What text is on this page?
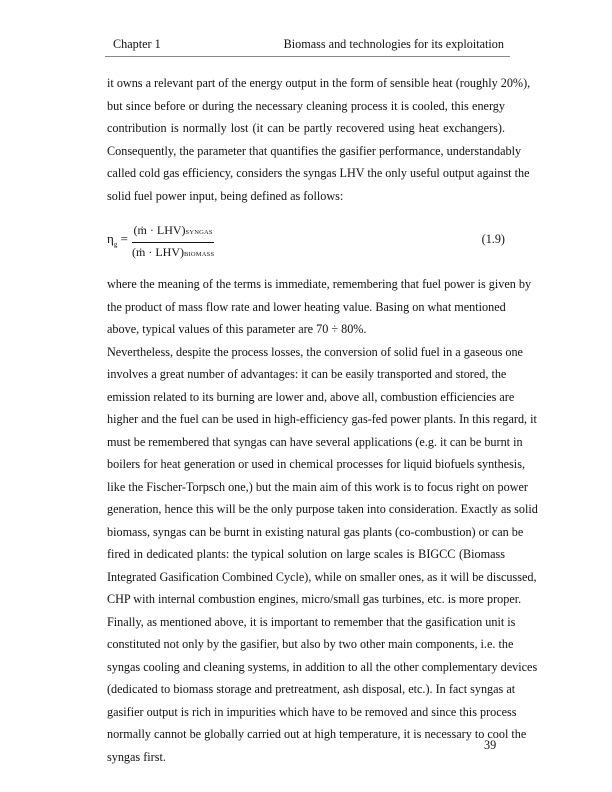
Chapter 1	Biomass and technologies for its exploitation
it owns a relevant part of the energy output in the form of sensible heat (roughly 20%),
but since before or during the necessary cleaning process it is cooled, this energy
contribution is normally lost (it can be partly recovered using heat exchangers).
Consequently, the parameter that quantifies the gasifier performance, understandably
called cold gas efficiency, considers the syngas LHV the only useful output against the
solid fuel power input, being defined as follows:
$\eta_g$ =
(ṁ · LHV)SYNGAS
(ṁ · LHV)BIOMASS
(1.9)
where the meaning of the terms is immediate, remembering that fuel power is given by
the product of mass flow rate and lower heating value. Basing on what mentioned
above, typical values of this parameter are 70 ÷ 80%.
Nevertheless, despite the process losses, the conversion of solid fuel in a gaseous one
involves a great number of advantages: it can be easily transported and stored, the
emission related to its burning are lower and, above all, combustion efficiencies are
higher and the fuel can be used in high-efficiency gas-fed power plants. In this regard, it
must be remembered that syngas can have several applications (e.g. it can be burnt in
boilers for heat generation or used in chemical processes for liquid biofuels synthesis,
like the Fischer-Torpsch one,) but the main aim of this work is to focus right on power
generation, hence this will be the only purpose taken into consideration. Exactly as solid
biomass, syngas can be burnt in existing natural gas plants (co-combustion) or can be
fired in dedicated plants: the typical solution on large scales is BIGCC (Biomass
Integrated Gasification Combined Cycle), while on smaller ones, as it will be discussed,
CHP with internal combustion engines, micro/small gas turbines, etc. is more proper.
Finally, as mentioned above, it is important to remember that the gasification unit is
constituted not only by the gasifier, but also by two other main components, i.e. the
syngas cooling and cleaning systems, in addition to all the other complementary devices
(dedicated to biomass storage and pretreatment, ash disposal, etc.). In fact syngas at
gasifier output is rich in impurities which have to be removed and since this process
normally cannot be globally carried out at high temperature, it is necessary to cool the
syngas first.
39
